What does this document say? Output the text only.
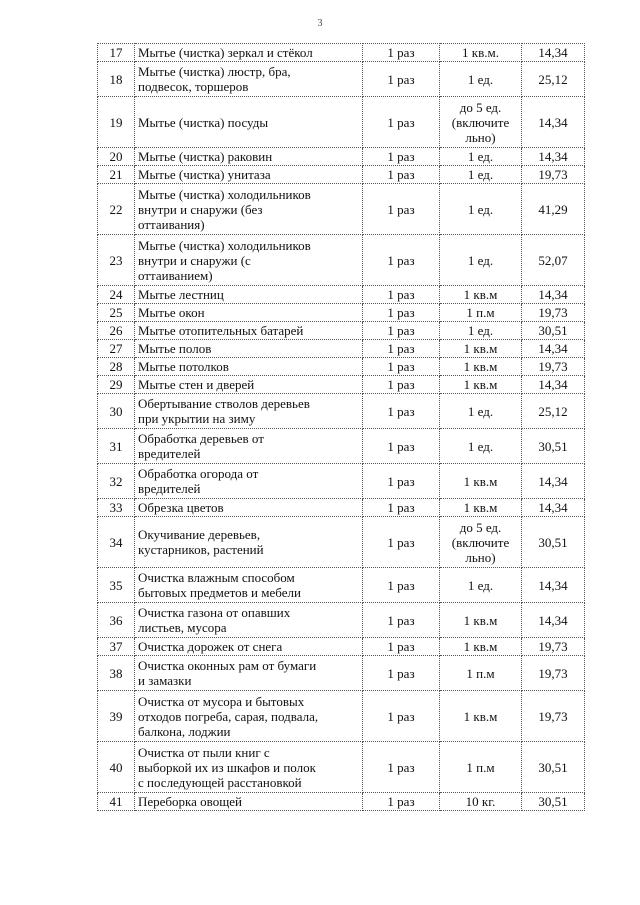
3
17	Мытье (чистка) зеркал и стёкол	1 раз	1 кв.м.	14,34

18	Мытье (чистка) люстр, бра,
подвесок, торшеров	1 раз	1 ед.	25,12

19	Мытье (чистка) посуды	1 раз	до 5 ед.
(включите
льно)	14,34

20	Мытье (чистка) раковин	1 раз	1 ед.	14,34

21	Мытье (чистка) унитаза	1 раз	1 ед.	19,73

22	Мытье (чистка) холодильников
внутри и снаружи (без
оттаивания)	1 раз	1 ед.	41,29

23	Мытье (чистка) холодильников
внутри и снаружи (с
оттаиванием)	1 раз	1 ед.	52,07

24	Мытье лестниц	1 раз	1 кв.м	14,34

25	Мытье окон	1 раз	1 п.м	19,73

26	Мытье отопительных батарей	1 раз	1 ед.	30,51

27	Мытье полов	1 раз	1 кв.м	14,34

28	Мытье потолков	1 раз	1 кв.м	19,73

29	Мытье стен и дверей	1 раз	1 кв.м	14,34

30	Обертывание стволов деревьев
при укрытии на зиму	1 раз	1 ед.	25,12

31	Обработка деревьев от
вредителей	1 раз	1 ед.	30,51

32	Обработка огорода от
вредителей	1 раз	1 кв.м	14,34

33	Обрезка цветов	1 раз	1 кв.м	14,34

34	Окучивание деревьев,
кустарников, растений	1 раз	до 5 ед.
(включите
льно)	30,51

35	Очистка влажным способом
бытовых предметов и мебели	1 раз	1 ед.	14,34

36	Очистка газона от опавших
листьев, мусора	1 раз	1 кв.м	14,34

37	Очистка дорожек от снега	1 раз	1 кв.м	19,73

38	Очистка оконных рам от бумаги
и замазки	1 раз	1 п.м	19,73

39	Очистка от мусора и бытовых
отходов погреба, сарая, подвала,
балкона, лоджии	1 раз	1 кв.м	19,73

40	Очистка от пыли книг с
выборкой их из шкафов и полок
с последующей расстановкой	1 раз	1 п.м	30,51

41	Переборка овощей	1 раз	10 кг.	30,51
